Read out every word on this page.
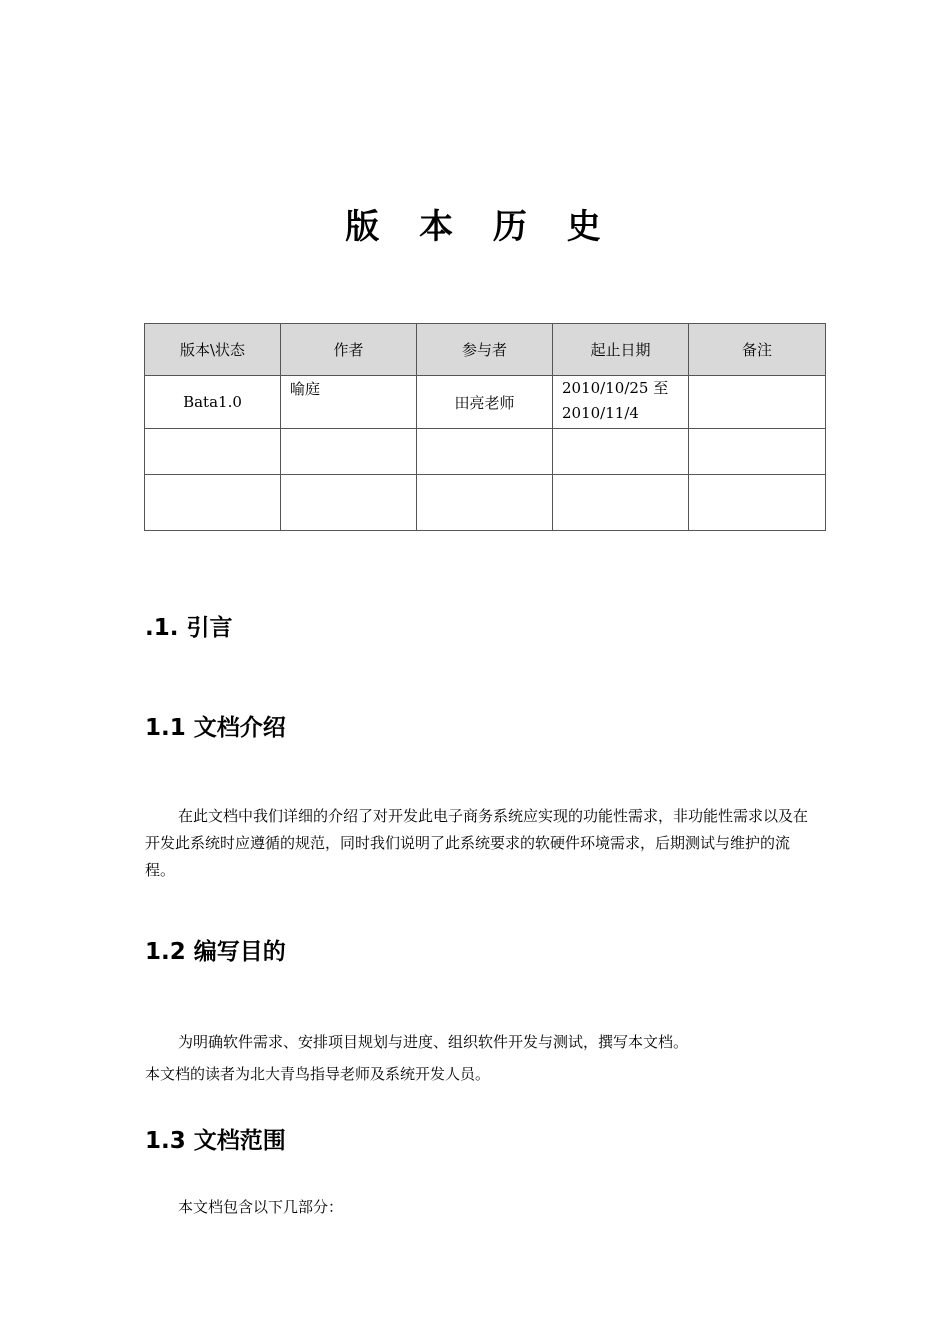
版 本 历 史
版本\状态	作者	参与者	起止日期	备注
Bata1.0	喻庭	田亮老师	2010/10/25 至
2010/11/4	

.1. 引言
1.1 文档介绍
在此文档中我们详细的介绍了对开发此电子商务系统应实现的功能性需求，非功能性需求以及在开发此系统时应遵循的规范，同时我们说明了此系统要求的软硬件环境需求，后期测试与维护的流程。
1.2 编写目的
为明确软件需求、安排项目规划与进度、组织软件开发与测试，撰写本文档。
本文档的读者为北大青鸟指导老师及系统开发人员。
1.3 文档范围
本文档包含以下几部分：
